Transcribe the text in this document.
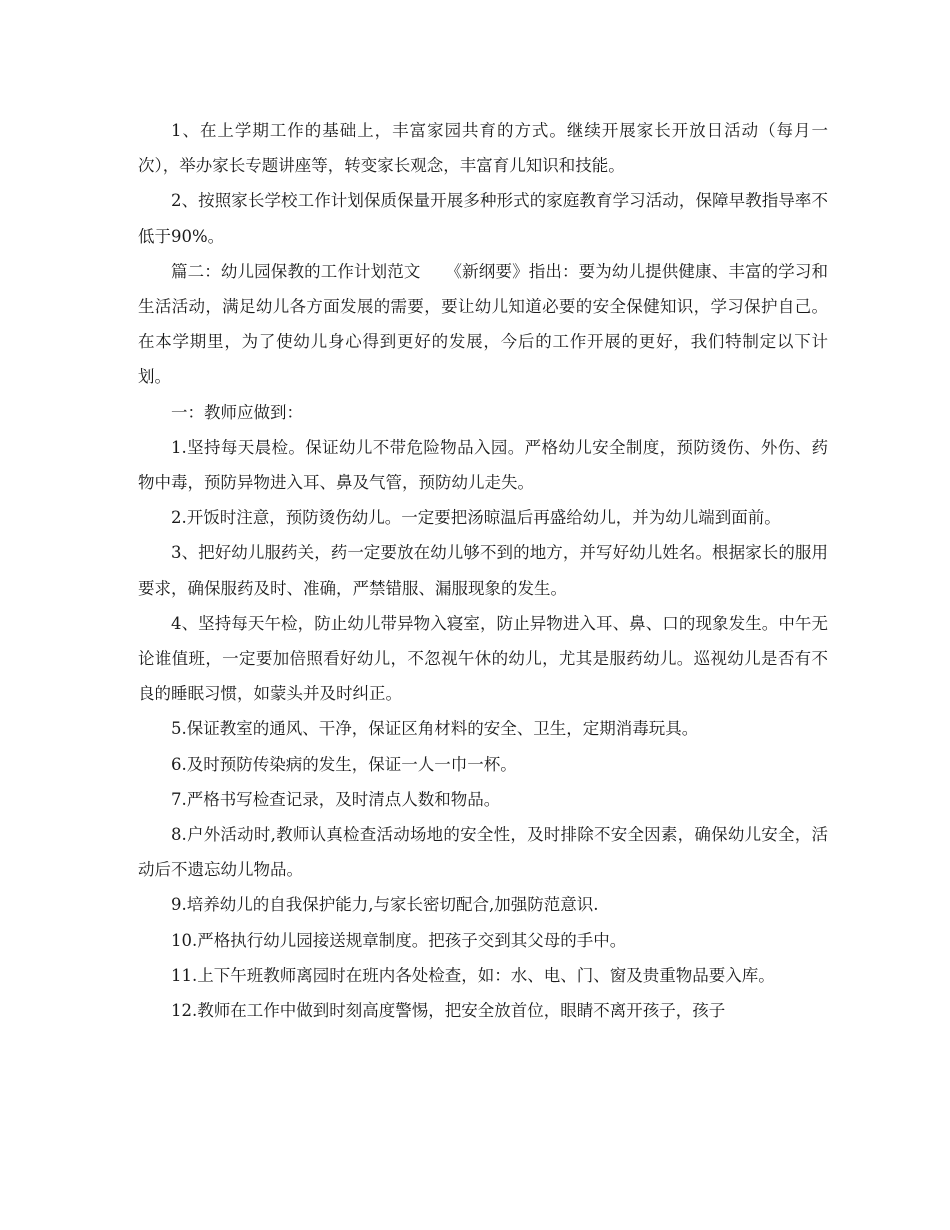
1、在上学期工作的基础上，丰富家园共育的方式。继续开展家长开放日活动（每月一次），举办家长专题讲座等，转变家长观念，丰富育儿知识和技能。

2、按照家长学校工作计划保质保量开展多种形式的家庭教育学习活动，保障早教指导率不低于90%。

篇二：幼儿园保教的工作计划范文　　《新纲要》指出：要为幼儿提供健康、丰富的学习和生活活动，满足幼儿各方面发展的需要，要让幼儿知道必要的安全保健知识，学习保护自己。在本学期里，为了使幼儿身心得到更好的发展，今后的工作开展的更好，我们特制定以下计划。

一：教师应做到：

1.坚持每天晨检。保证幼儿不带危险物品入园。严格幼儿安全制度，预防烫伤、外伤、药物中毒，预防异物进入耳、鼻及气管，预防幼儿走失。

2.开饭时注意，预防烫伤幼儿。一定要把汤晾温后再盛给幼儿，并为幼儿端到面前。

3、把好幼儿服药关，药一定要放在幼儿够不到的地方，并写好幼儿姓名。根据家长的服用要求，确保服药及时、准确，严禁错服、漏服现象的发生。

4、坚持每天午检，防止幼儿带异物入寝室，防止异物进入耳、鼻、口的现象发生。中午无论谁值班，一定要加倍照看好幼儿，不忽视午休的幼儿，尤其是服药幼儿。巡视幼儿是否有不良的睡眠习惯，如蒙头并及时纠正。

5.保证教室的通风、干净，保证区角材料的安全、卫生，定期消毒玩具。

6.及时预防传染病的发生，保证一人一巾一杯。

7.严格书写检查记录，及时清点人数和物品。

8.户外活动时,教师认真检查活动场地的安全性，及时排除不安全因素，确保幼儿安全，活动后不遗忘幼儿物品。

9.培养幼儿的自我保护能力,与家长密切配合,加强防范意识.

10.严格执行幼儿园接送规章制度。把孩子交到其父母的手中。

11.上下午班教师离园时在班内各处检查，如：水、电、门、窗及贵重物品要入库。

12.教师在工作中做到时刻高度警惕，把安全放首位，眼睛不离开孩子，孩子
